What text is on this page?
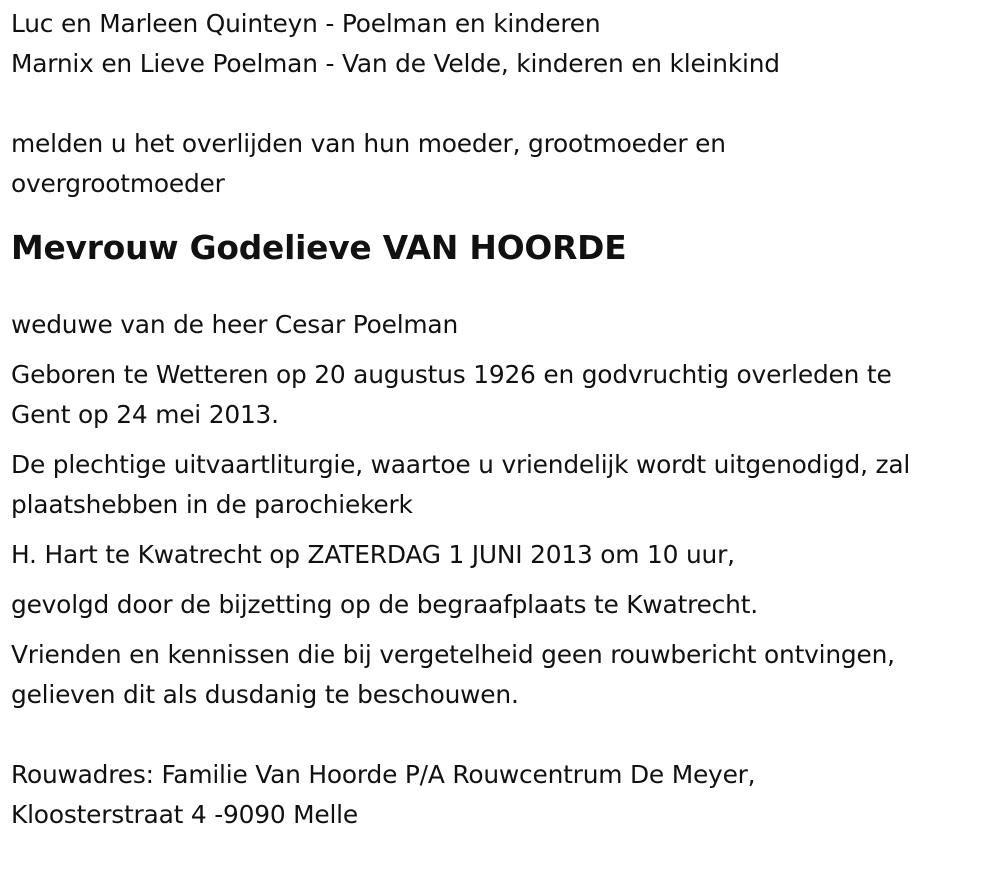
Luc en Marleen Quinteyn - Poelman en kinderen
Marnix en Lieve Poelman - Van de Velde, kinderen en kleinkind
melden u het overlijden van hun moeder, grootmoeder en
overgrootmoeder
Mevrouw Godelieve VAN HOORDE
weduwe van de heer Cesar Poelman
Geboren te Wetteren op 20 augustus 1926 en godvruchtig overleden te
Gent op 24 mei 2013.
De plechtige uitvaartliturgie, waartoe u vriendelijk wordt uitgenodigd, zal
plaatshebben in de parochiekerk
H. Hart te Kwatrecht op ZATERDAG 1 JUNI 2013 om 10 uur,
gevolgd door de bijzetting op de begraafplaats te Kwatrecht.
Vrienden en kennissen die bij vergetelheid geen rouwbericht ontvingen,
gelieven dit als dusdanig te beschouwen.
Rouwadres: Familie Van Hoorde P/A Rouwcentrum De Meyer,
Kloosterstraat 4 -9090 Melle
